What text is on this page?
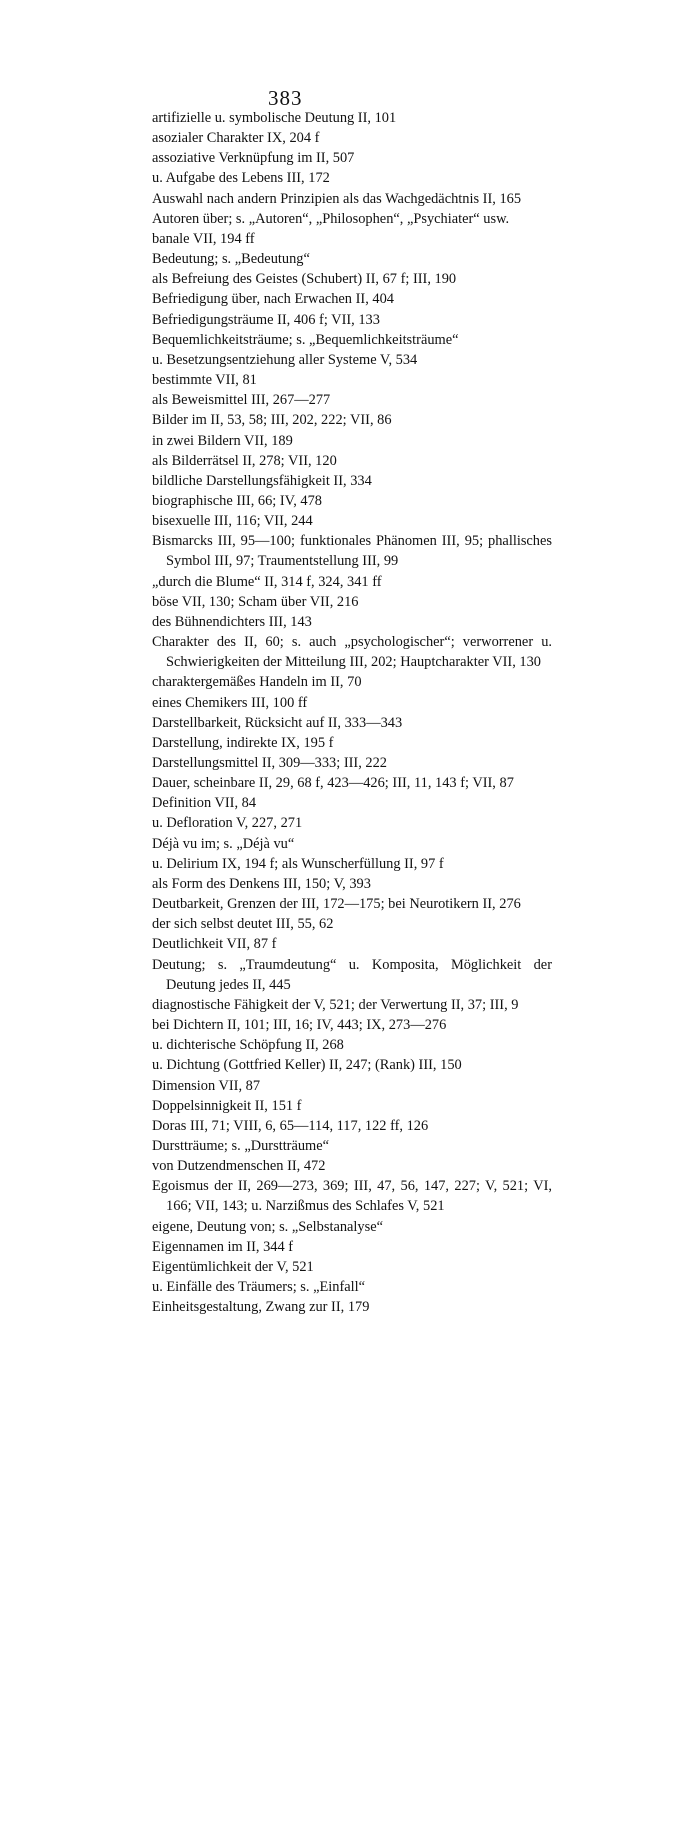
383
artifizielle u. symbolische Deutung II, 101
asozialer Charakter IX, 204 f
assoziative Verknüpfung im II, 507
u. Aufgabe des Lebens III, 172
Auswahl nach andern Prinzipien als das Wachgedächtnis II, 165
Autoren über; s. „Autoren“, „Philosophen“, „Psychiater“ usw.
banale VII, 194 ff
Bedeutung; s. „Bedeutung“
als Befreiung des Geistes (Schubert) II, 67 f; III, 190
Befriedigung über, nach Erwachen II, 404
Befriedigungsträume II, 406 f; VII, 133
Bequemlichkeitsträume; s. „Bequemlichkeitsträume“
u. Besetzungsentziehung aller Systeme V, 534
bestimmte VII, 81
als Beweismittel III, 267—277
Bilder im II, 53, 58; III, 202, 222; VII, 86
in zwei Bildern VII, 189
als Bilderrätsel II, 278; VII, 120
bildliche Darstellungsfähigkeit II, 334
biographische III, 66; IV, 478
bisexuelle III, 116; VII, 244
Bismarcks III, 95—100; funktionales Phänomen III, 95; phallisches Symbol III, 97; Traumentstellung III, 99
„durch die Blume“ II, 314 f, 324, 341 ff
böse VII, 130; Scham über VII, 216
des Bühnendichters III, 143
Charakter des II, 60; s. auch „psychologischer“; verworrener u. Schwierigkeiten der Mitteilung III, 202; Hauptcharakter VII, 130
charaktergemäßes Handeln im II, 70
eines Chemikers III, 100 ff
Darstellbarkeit, Rücksicht auf II, 333—343
Darstellung, indirekte IX, 195 f
Darstellungsmittel II, 309—333; III, 222
Dauer, scheinbare II, 29, 68 f, 423—426; III, 11, 143 f; VII, 87
Definition VII, 84
u. Defloration V, 227, 271
Déjà vu im; s. „Déjà vu“
u. Delirium IX, 194 f; als Wunscherfüllung II, 97 f
als Form des Denkens III, 150; V, 393
Deutbarkeit, Grenzen der III, 172—175; bei Neurotikern II, 276
der sich selbst deutet III, 55, 62
Deutlichkeit VII, 87 f
Deutung; s. „Traumdeutung“ u. Komposita, Möglichkeit der Deutung jedes II, 445
diagnostische Fähigkeit der V, 521; der Verwertung II, 37; III, 9
bei Dichtern II, 101; III, 16; IV, 443; IX, 273—276
u. dichterische Schöpfung II, 268
u. Dichtung (Gottfried Keller) II, 247; (Rank) III, 150
Dimension VII, 87
Doppelsinnigkeit II, 151 f
Doras III, 71; VIII, 6, 65—114, 117, 122 ff, 126
Durstträume; s. „Durstträume“
von Dutzendmenschen II, 472
Egoismus der II, 269—273, 369; III, 47, 56, 147, 227; V, 521; VI, 166; VII, 143; u. Narzißmus des Schlafes V, 521
eigene, Deutung von; s. „Selbstanalyse“
Eigennamen im II, 344 f
Eigentümlichkeit der V, 521
u. Einfälle des Träumers; s. „Einfall“
Einheitsgestaltung, Zwang zur II, 179
